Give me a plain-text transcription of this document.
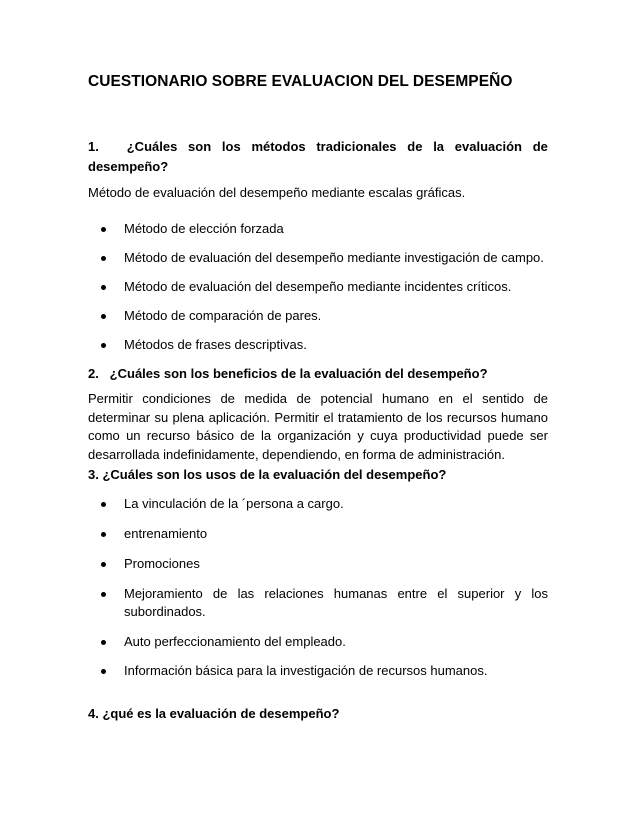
CUESTIONARIO SOBRE EVALUACION DEL DESEMPEÑO
1.	¿Cuáles son los métodos tradicionales de la evaluación de
desempeño?
Método de evaluación del desempeño mediante escalas gráficas.
Método de elección forzada
Método de evaluación del desempeño mediante investigación de campo.
Método de evaluación del desempeño mediante incidentes críticos.
Método de comparación de pares.
Métodos de frases descriptivas.
2.   ¿Cuáles son los beneficios de la evaluación del desempeño?
Permitir condiciones de medida de potencial humano en el sentido de determinar su plena aplicación. Permitir el tratamiento de los recursos humano como un recurso básico de la organización y cuya productividad puede ser desarrollada indefinidamente, dependiendo, en forma de administración.
3. ¿Cuáles son los usos de la evaluación del desempeño?
La vinculación de la ´persona a cargo.
entrenamiento
Promociones
Mejoramiento de las relaciones humanas entre el superior y los subordinados.
Auto perfeccionamiento del empleado.
Información básica para la investigación de recursos humanos.
4. ¿qué es la evaluación de desempeño?
